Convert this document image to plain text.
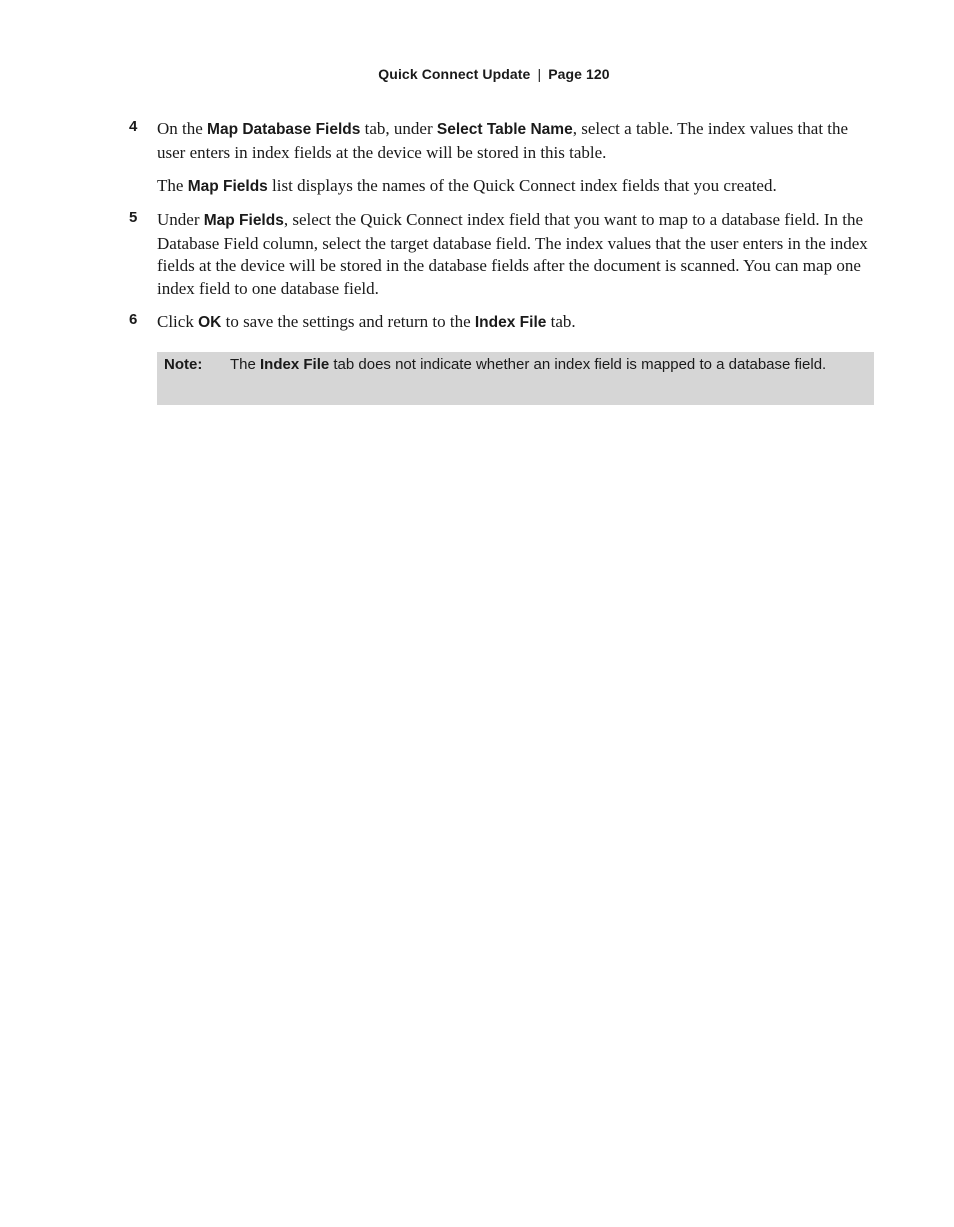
Quick Connect Update | Page 120
4 On the Map Database Fields tab, under Select Table Name, select a table. The index values that the user enters in index fields at the device will be stored in this table.

The Map Fields list displays the names of the Quick Connect index fields that you created.
5 Under Map Fields, select the Quick Connect index field that you want to map to a database field. In the Database Field column, select the target database field. The index values that the user enters in the index fields at the device will be stored in the database fields after the document is scanned. You can map one index field to one database field.

6 Click OK to save the settings and return to the Index File tab.

Note: The Index File tab does not indicate whether an index field is mapped to a database field.
